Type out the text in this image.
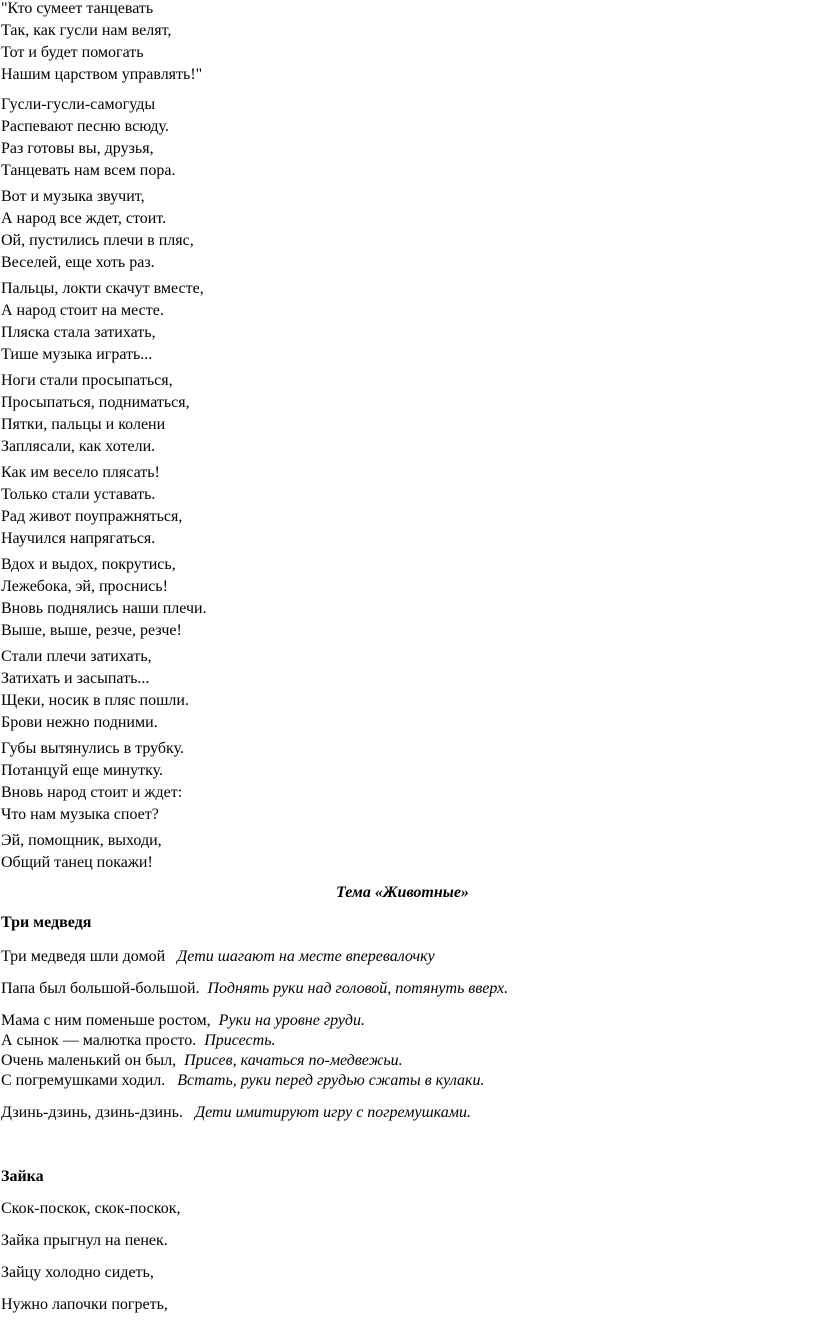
"Кто сумеет танцевать
Так, как гусли нам велят,
Тот и будет помогать
Нашим царством управлять!"
Гусли-гусли-самогуды
Распевают песню всюду.
Раз готовы вы, друзья,
Танцевать нам всем пора.
Вот и музыка звучит,
А народ все ждет, стоит.
Ой, пустились плечи в пляс,
Веселей, еще хоть раз.
Пальцы, локти скачут вместе,
А народ стоит на месте.
Пляска стала затихать,
Тише музыка играть...
Ноги стали просыпаться,
Просыпаться, подниматься,
Пятки, пальцы и колени
Заплясали, как хотели.
Как им весело плясать!
Только стали уставать.
Рад живот поупражняться,
Научился напрягаться.
Вдох и выдох, покрутись,
Лежебока, эй, проснись!
Вновь поднялись наши плечи.
Выше, выше, резче, резче!
Стали плечи затихать,
Затихать и засыпать...
Щеки, носик в пляс пошли.
Брови нежно подними.
Губы вытянулись в трубку.
Потанцуй еще минутку.
Вновь народ стоит и ждет:
Что нам музыка споет?
Эй, помощник, выходи,
Общий танец покажи!
Тема «Животные»
Три медведя
Три медведя шли домой Дети шагают на месте вперевалочку
Папа был большой-большой. Поднять руки над головой, потянуть вверх.
Мама с ним поменьше ростом, Руки на уровне груди.
А сынок — малютка просто. Присесть.
Очень маленький он был, Присев, качаться по-медвежьи.
С погремушками ходил. Встать, руки перед грудью сжаты в кулаки.
Дзинь-дзинь, дзинь-дзинь. Дети имитируют игру с погремушками.
Зайка
Скок-поскок, скок-поскок,
Зайка прыгнул на пенек.
Зайцу холодно сидеть,
Нужно лапочки погреть,
